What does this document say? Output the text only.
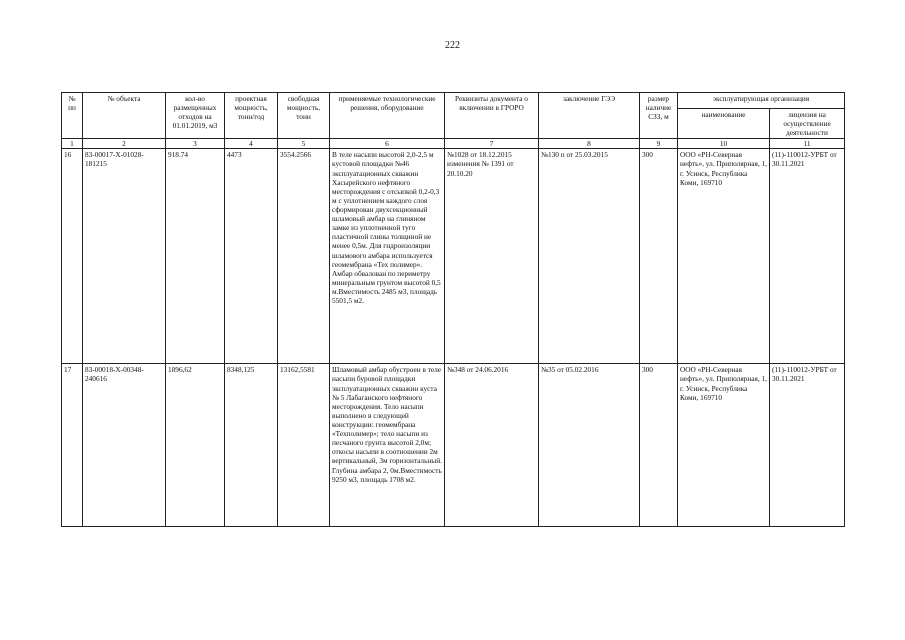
222
№ пп	№ объекта	кол-во размещенных отходов на 01.01.2019, м3	проектная мощность, тонн/год	свободная мощность, тонн	применяемые технологические решения, оборудование	Реквизиты документа о включении в ГРОРО	заключение ГЭЭ	размер наличие СЗЗ, м	эксплуатирующая организация	
									наименование	лицензия на осуществление деятельности
1	2	3	4	5	6	7	8	9	10	11
16	83-00017-Х-01028-181215	918.74	4473	3554.2566	В теле насыпи высотой 2,0-2,5 м кустовой площадки №46 эксплуатационных скважин Хасырейского нефтяного месторождения с отсыпкой 0,2-0,3 м с уплотнением каждого слоя сформирован двухсекционный шламовый амбар на глиняном замке из уплотненной туго пластичной глины толщиной не менее 0,5м. Для гидроизоляции шламового амбара используется геомембрана «Тех полимер». Амбар обвалован по периметру минеральным грунтом высотой 0,5 м.Вместимость 2485 м3, площадь 5501,5 м2.	№1028 от 18.12.2015 изменения № 1391 от 20.10.20	№130 п от 25.03.2015	300	ООО «РН-Северная нефть», ул. Приполярная, 1, г. Усинск, Республика Коми, 169710	(11)-110012-УРБТ от 30.11.2021
17	83-00018-Х-00348-240616	1896,62	8348,125	13162,5581	Шламовый амбар обустроен в теле насыпи буровой площадки эксплуатационных скважин куста № 5 Лабаганского нефтяного месторождения. Тело насыпи выполнено в следующей конструкции: геомембрана «Техполимер»; тело насыпи из песчаного грунта высотой 2,0м; откосы насыпи в соотношении 2м вертикальный, 3м горизонтальный. Глубина амбара 2, 0м.Вместимость 9250 м3, площадь 1708 м2.	№348 от 24.06.2016	№35 от 05.02.2016	300	ООО «РН-Северная нефть», ул. Приполярная, 1, г. Усинск, Республика Коми, 169710	(11)-110012-УРБТ от 30.11.2021
